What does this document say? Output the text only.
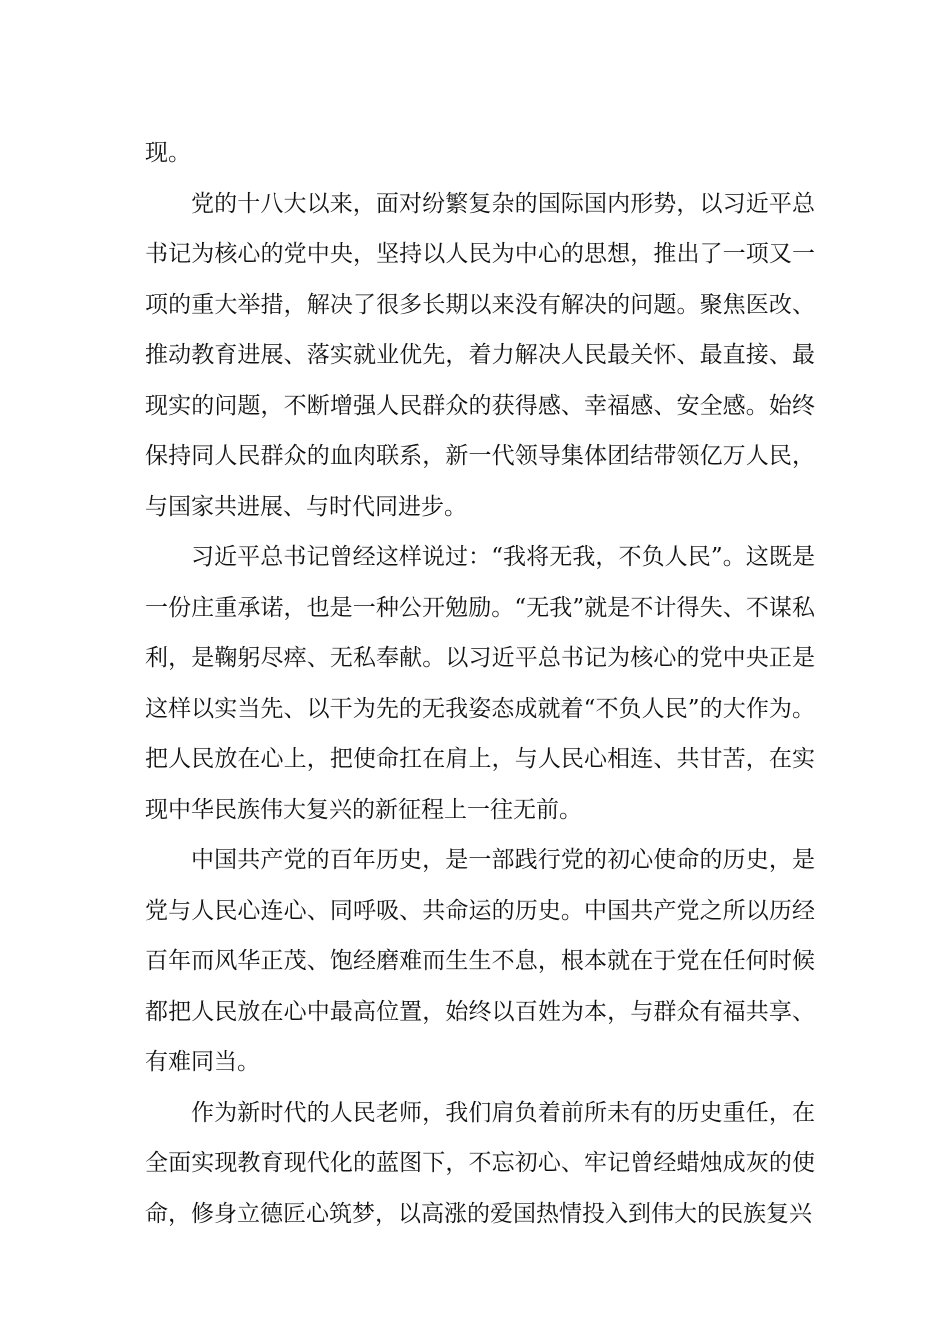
现。

党的十八大以来，面对纷繁复杂的国际国内形势，以习近平总书记为核心的党中央，坚持以人民为中心的思想，推出了一项又一项的重大举措，解决了很多长期以来没有解决的问题。聚焦医改、推动教育进展、落实就业优先，着力解决人民最关怀、最直接、最现实的问题，不断增强人民群众的获得感、幸福感、安全感。始终保持同人民群众的血肉联系，新一代领导集体团结带领亿万人民，与国家共进展、与时代同进步。

习近平总书记曾经这样说过：“我将无我，不负人民”。这既是一份庄重承诺，也是一种公开勉励。“无我”就是不计得失、不谋私利，是鞠躬尽瘁、无私奉献。以习近平总书记为核心的党中央正是这样以实当先、以干为先的无我姿态成就着“不负人民”的大作为。把人民放在心上，把使命扛在肩上，与人民心相连、共甘苦，在实现中华民族伟大复兴的新征程上一往无前。

中国共产党的百年历史，是一部践行党的初心使命的历史，是党与人民心连心、同呼吸、共命运的历史。中国共产党之所以历经百年而风华正茂、饱经磨难而生生不息，根本就在于党在任何时候都把人民放在心中最高位置，始终以百姓为本，与群众有福共享、有难同当。

作为新时代的人民老师，我们肩负着前所未有的历史重任，在全面实现教育现代化的蓝图下，不忘初心、牢记曾经蜡烛成灰的使命，修身立德匠心筑梦，以高涨的爱国热情投入到伟大的民族复兴
